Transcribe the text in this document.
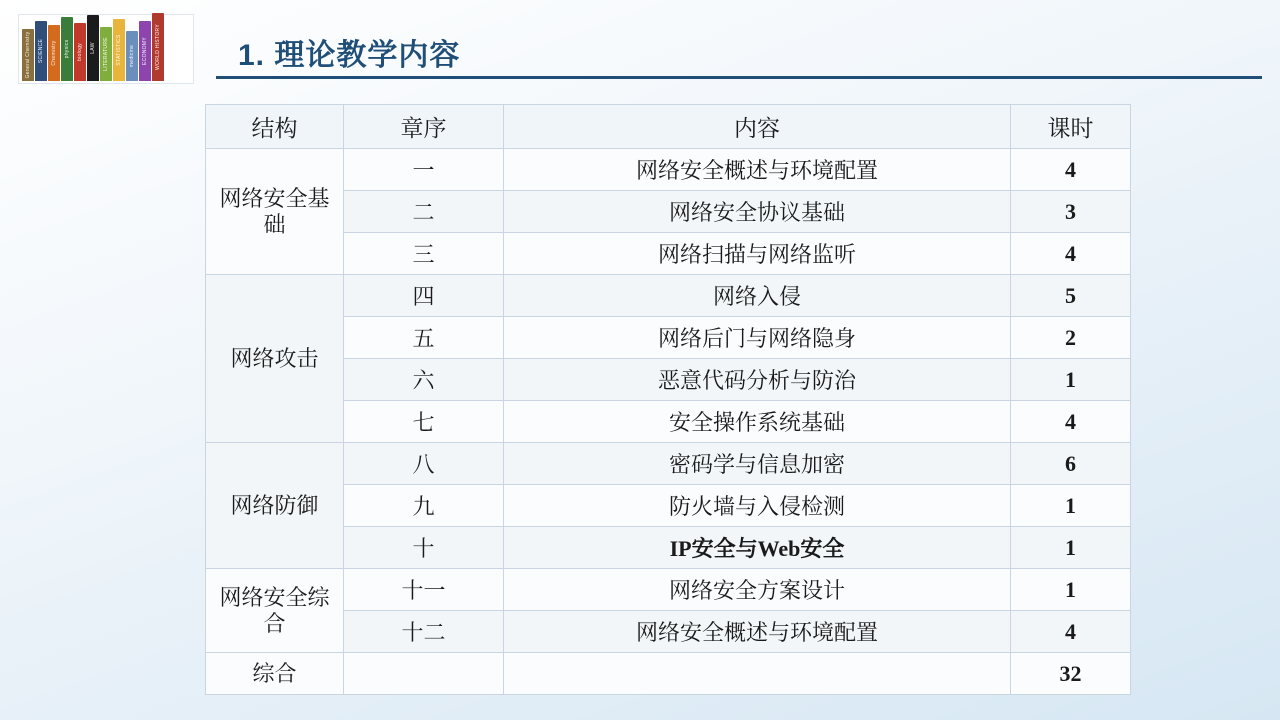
General Chemistry SCIENCE Chemistry physics biology LAW LITERATURE STATISTICS medicine ECONOMY WORLD HISTORY	1. 理论教学内容
结构	章序	内容	课时
网络安全基础	一	网络安全概述与环境配置	4
	二	网络安全协议基础	3
	三	网络扫描与网络监听	4
网络攻击	四	网络入侵	5
	五	网络后门与网络隐身	2
	六	恶意代码分析与防治	1
	七	安全操作系统基础	4
网络防御	八	密码学与信息加密	6
	九	防火墙与入侵检测	1
	十	IP安全与Web安全	1
网络安全综合	十一	网络安全方案设计	1
	十二	网络安全概述与环境配置	4
综合			32
